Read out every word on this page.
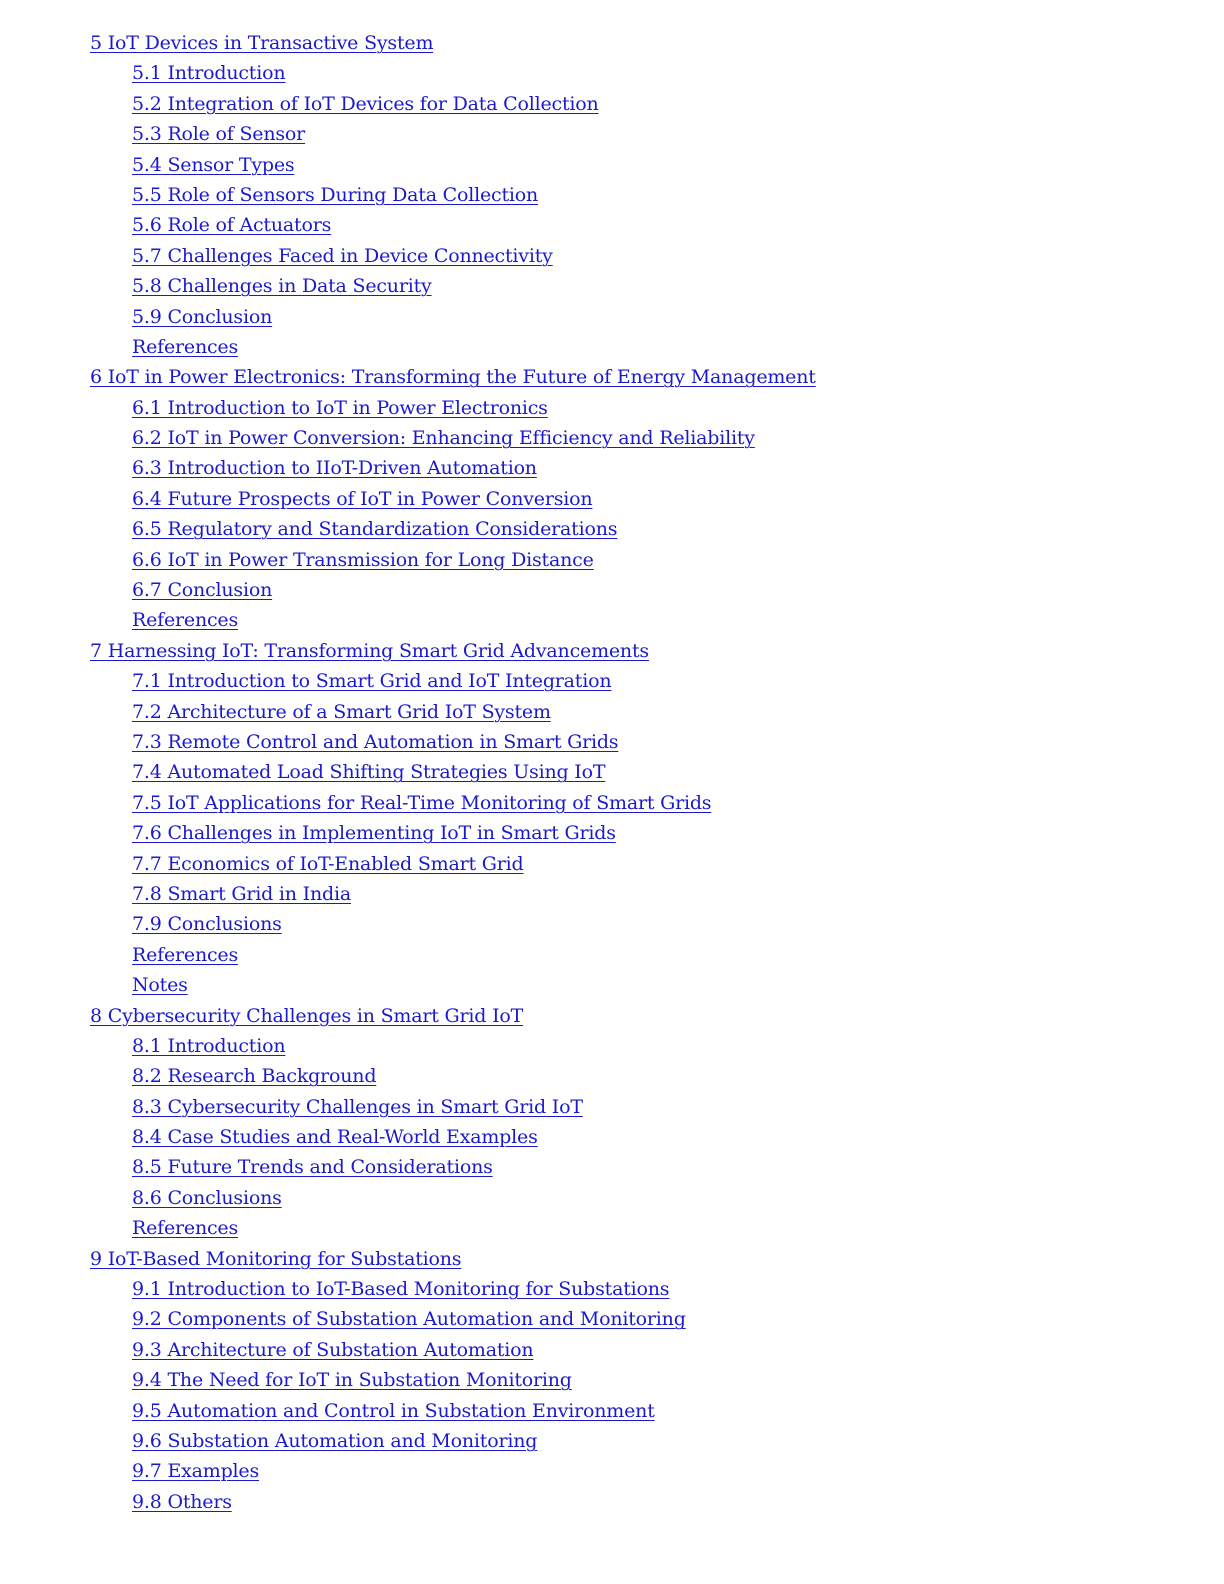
5 IoT Devices in Transactive System
5.1 Introduction
5.2 Integration of IoT Devices for Data Collection
5.3 Role of Sensor
5.4 Sensor Types
5.5 Role of Sensors During Data Collection
5.6 Role of Actuators
5.7 Challenges Faced in Device Connectivity
5.8 Challenges in Data Security
5.9 Conclusion
References
6 IoT in Power Electronics: Transforming the Future of Energy Management
6.1 Introduction to IoT in Power Electronics
6.2 IoT in Power Conversion: Enhancing Efficiency and Reliability
6.3 Introduction to IIoT-Driven Automation
6.4 Future Prospects of IoT in Power Conversion
6.5 Regulatory and Standardization Considerations
6.6 IoT in Power Transmission for Long Distance
6.7 Conclusion
References
7 Harnessing IoT: Transforming Smart Grid Advancements
7.1 Introduction to Smart Grid and IoT Integration
7.2 Architecture of a Smart Grid IoT System
7.3 Remote Control and Automation in Smart Grids
7.4 Automated Load Shifting Strategies Using IoT
7.5 IoT Applications for Real-Time Monitoring of Smart Grids
7.6 Challenges in Implementing IoT in Smart Grids
7.7 Economics of IoT-Enabled Smart Grid
7.8 Smart Grid in India
7.9 Conclusions
References
Notes
8 Cybersecurity Challenges in Smart Grid IoT
8.1 Introduction
8.2 Research Background
8.3 Cybersecurity Challenges in Smart Grid IoT
8.4 Case Studies and Real-World Examples
8.5 Future Trends and Considerations
8.6 Conclusions
References
9 IoT-Based Monitoring for Substations
9.1 Introduction to IoT-Based Monitoring for Substations
9.2 Components of Substation Automation and Monitoring
9.3 Architecture of Substation Automation
9.4 The Need for IoT in Substation Monitoring
9.5 Automation and Control in Substation Environment
9.6 Substation Automation and Monitoring
9.7 Examples
9.8 Others
